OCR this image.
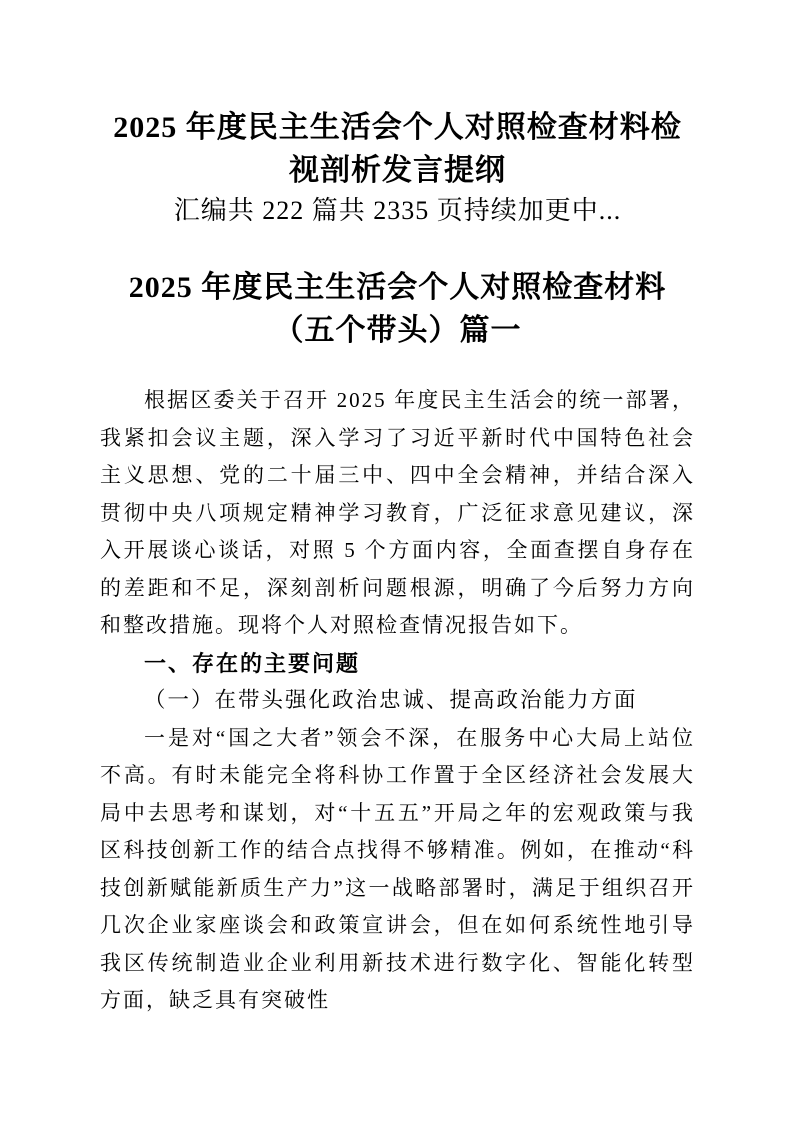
2025 年度民主生活会个人对照检查材料检视剖析发言提纲
汇编共 222 篇共 2335 页持续加更中...
2025 年度民主生活会个人对照检查材料（五个带头）篇一

根据区委关于召开 2025 年度民主生活会的统一部署，我紧扣会议主题，深入学习了习近平新时代中国特色社会主义思想、党的二十届三中、四中全会精神，并结合深入贯彻中央八项规定精神学习教育，广泛征求意见建议，深入开展谈心谈话，对照 5 个方面内容，全面查摆自身存在的差距和不足，深刻剖析问题根源，明确了今后努力方向和整改措施。现将个人对照检查情况报告如下。

一、存在的主要问题

（一）在带头强化政治忠诚、提高政治能力方面

一是对“国之大者”领会不深，在服务中心大局上站位不高。有时未能完全将科协工作置于全区经济社会发展大局中去思考和谋划，对“十五五”开局之年的宏观政策与我区科技创新工作的结合点找得不够精准。例如，在推动“科技创新赋能新质生产力”这一战略部署时，满足于组织召开几次企业家座谈会和政策宣讲会，但在如何系统性地引导我区传统制造业企业利用新技术进行数字化、智能化转型方面，缺乏具有突破性
